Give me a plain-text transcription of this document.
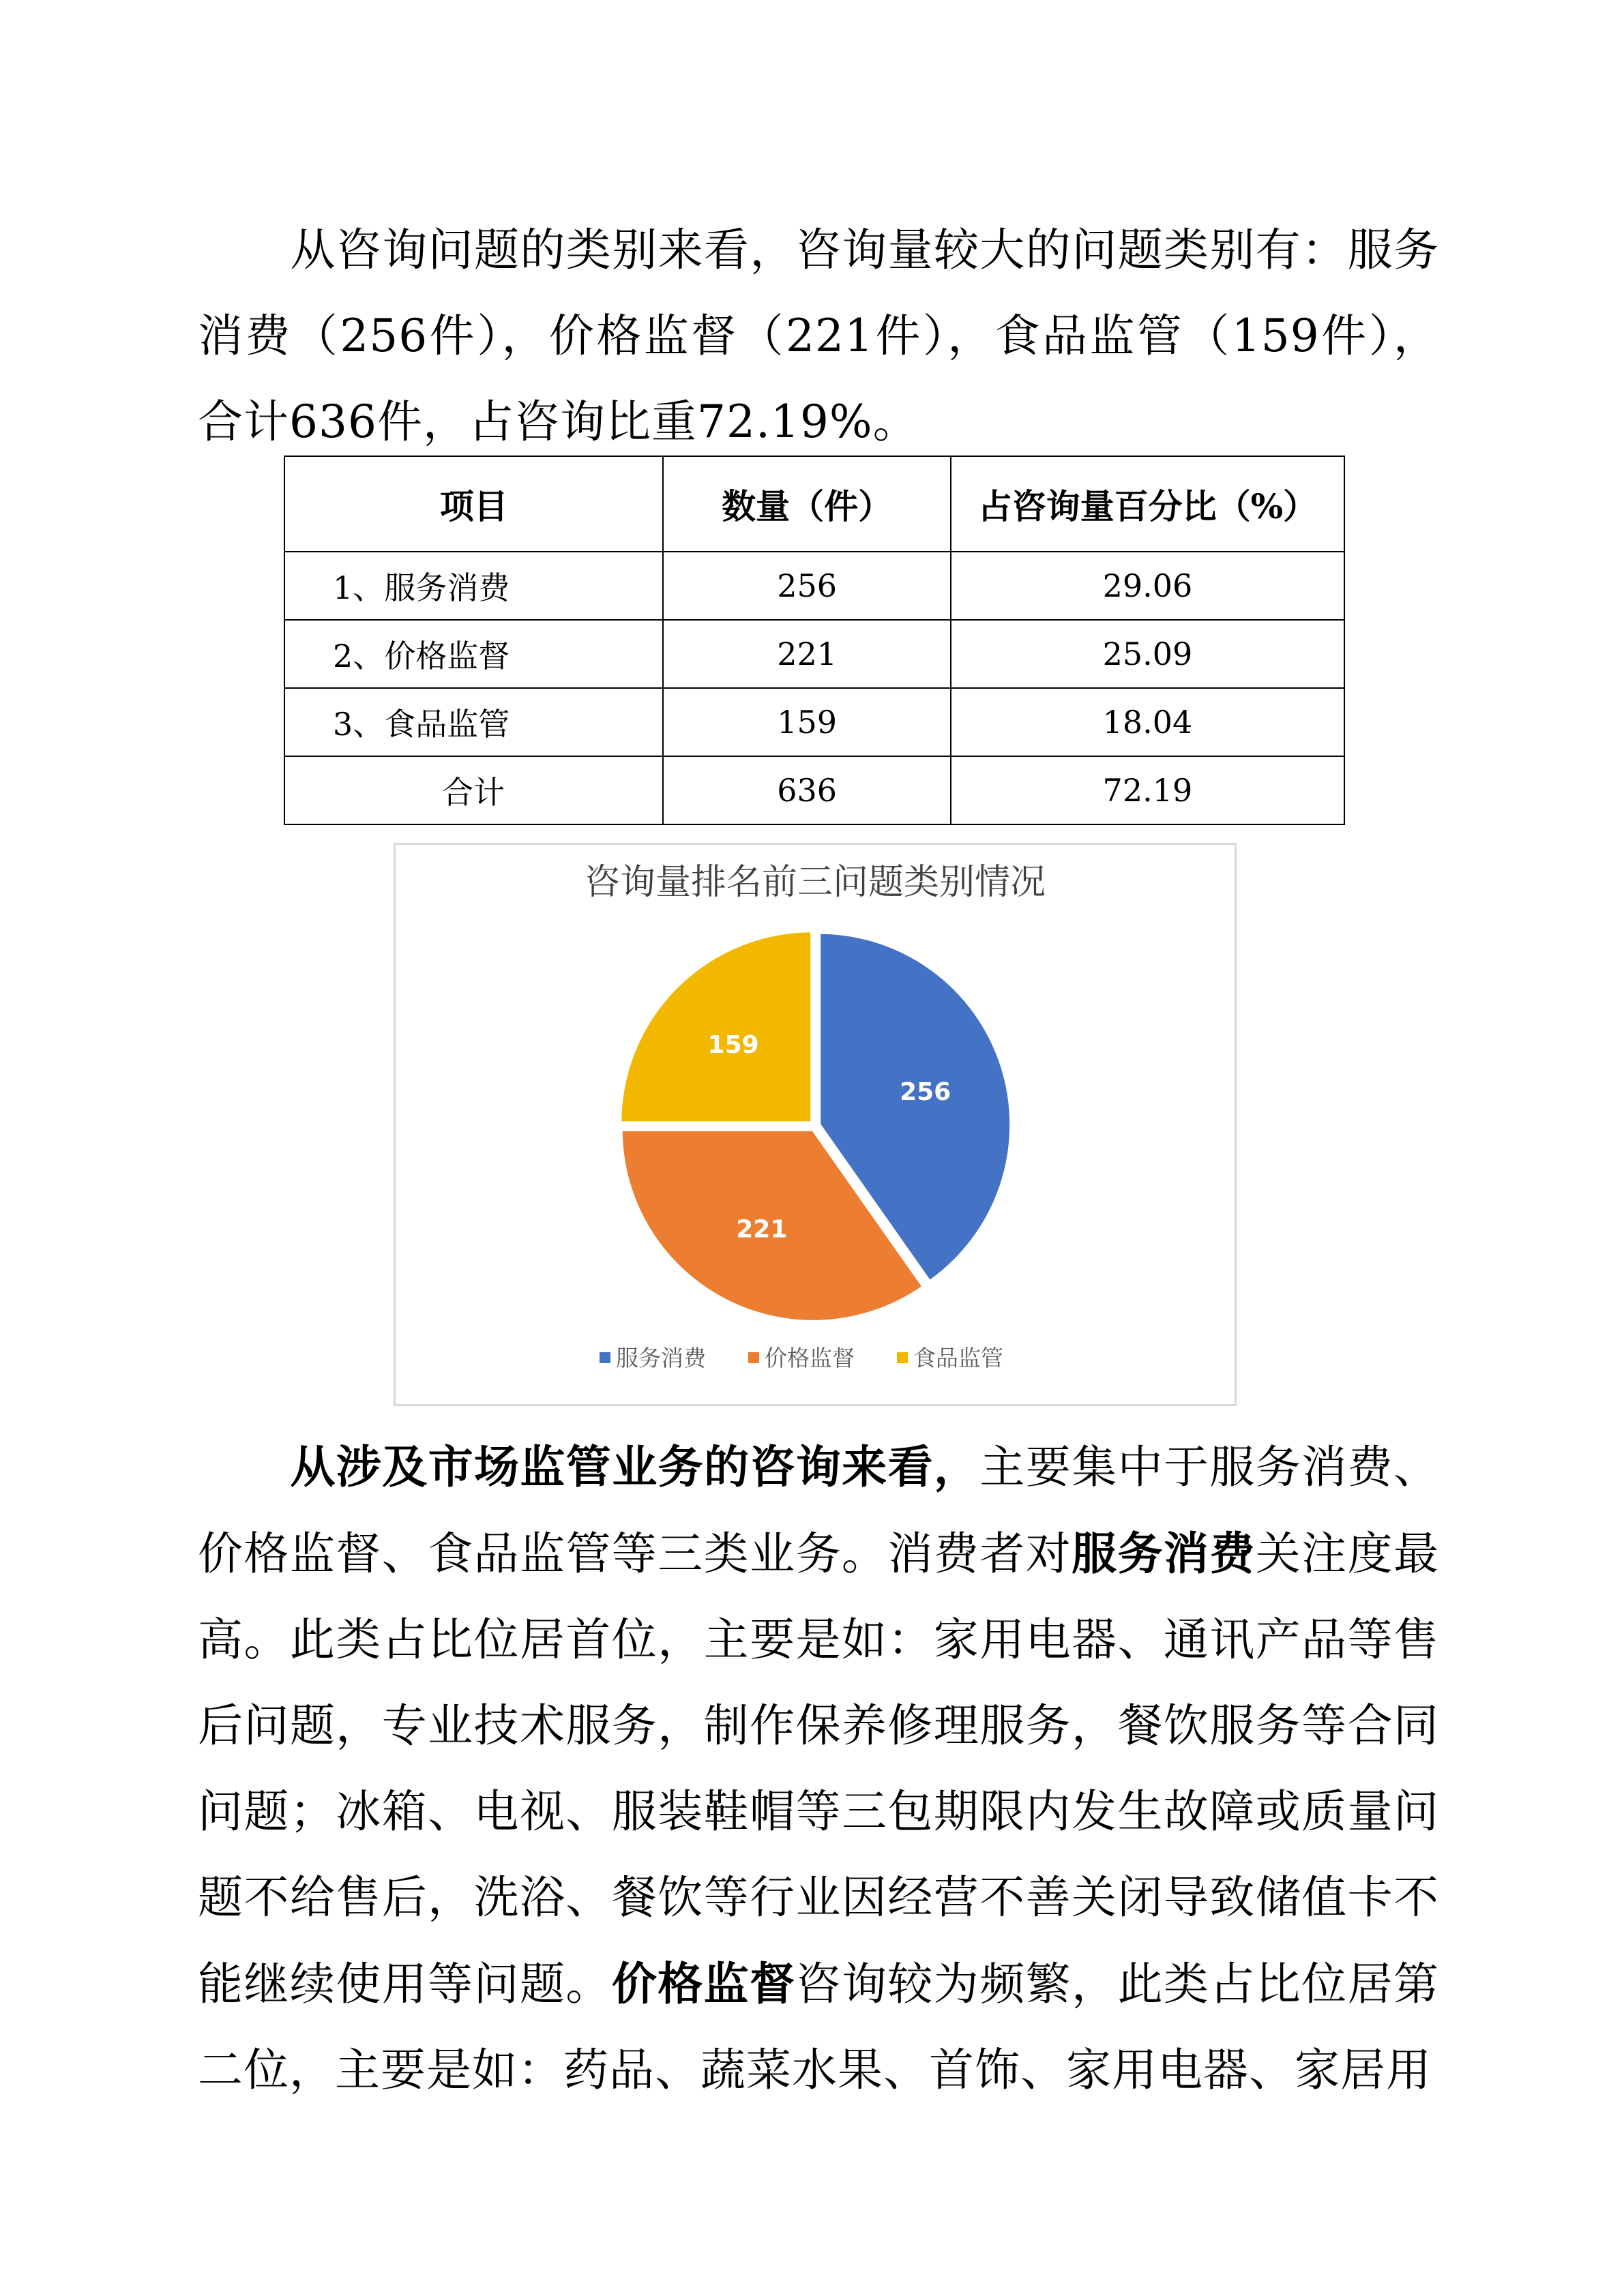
从咨询问题的类别来看，咨询量较大的问题类别有：服务消费（256件），价格监督（221件），食品监管（159件），合计636件，占咨询比重72.19%。

项目	数量（件）	占咨询量百分比（%）
1、服务消费	256	29.06
2、价格监督	221	25.09
3、食品监管	159	18.04
合计	636	72.19
咨询量排名前三问题类别情况
256
221
159
服务消费	价格监督	食品监管

从涉及市场监管业务的咨询来看，主要集中于服务消费、价格监督、食品监管等三类业务。消费者对服务消费关注度最高。此类占比位居首位，主要是如：家用电器、通讯产品等售后问题，专业技术服务，制作保养修理服务，餐饮服务等合同问题；冰箱、电视、服装鞋帽等三包期限内发生故障或质量问题不给售后，洗浴、餐饮等行业因经营不善关闭导致储值卡不能继续使用等问题。价格监督咨询较为频繁，此类占比位居第二位，主要是如：药品、蔬菜水果、首饰、家用电器、家居用
